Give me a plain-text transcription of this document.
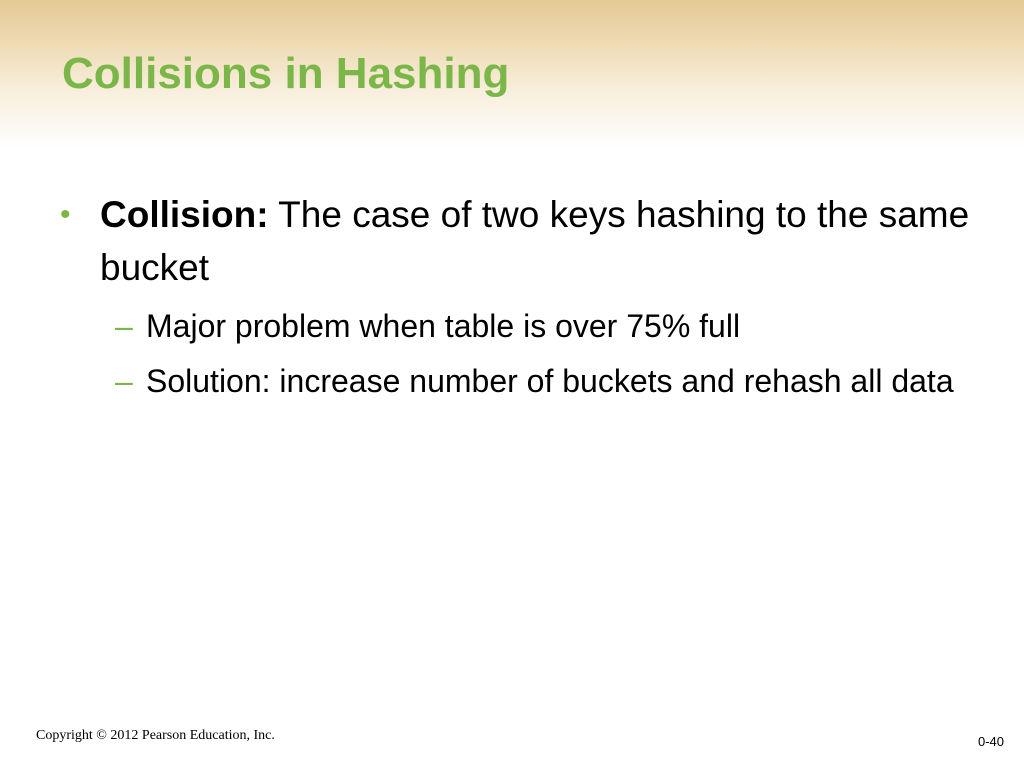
Collisions in Hashing
• Collision: The case of two keys hashing to the same bucket
– Major problem when table is over 75% full
– Solution: increase number of buckets and rehash all data
Copyright © 2012 Pearson Education, Inc.	0-40
